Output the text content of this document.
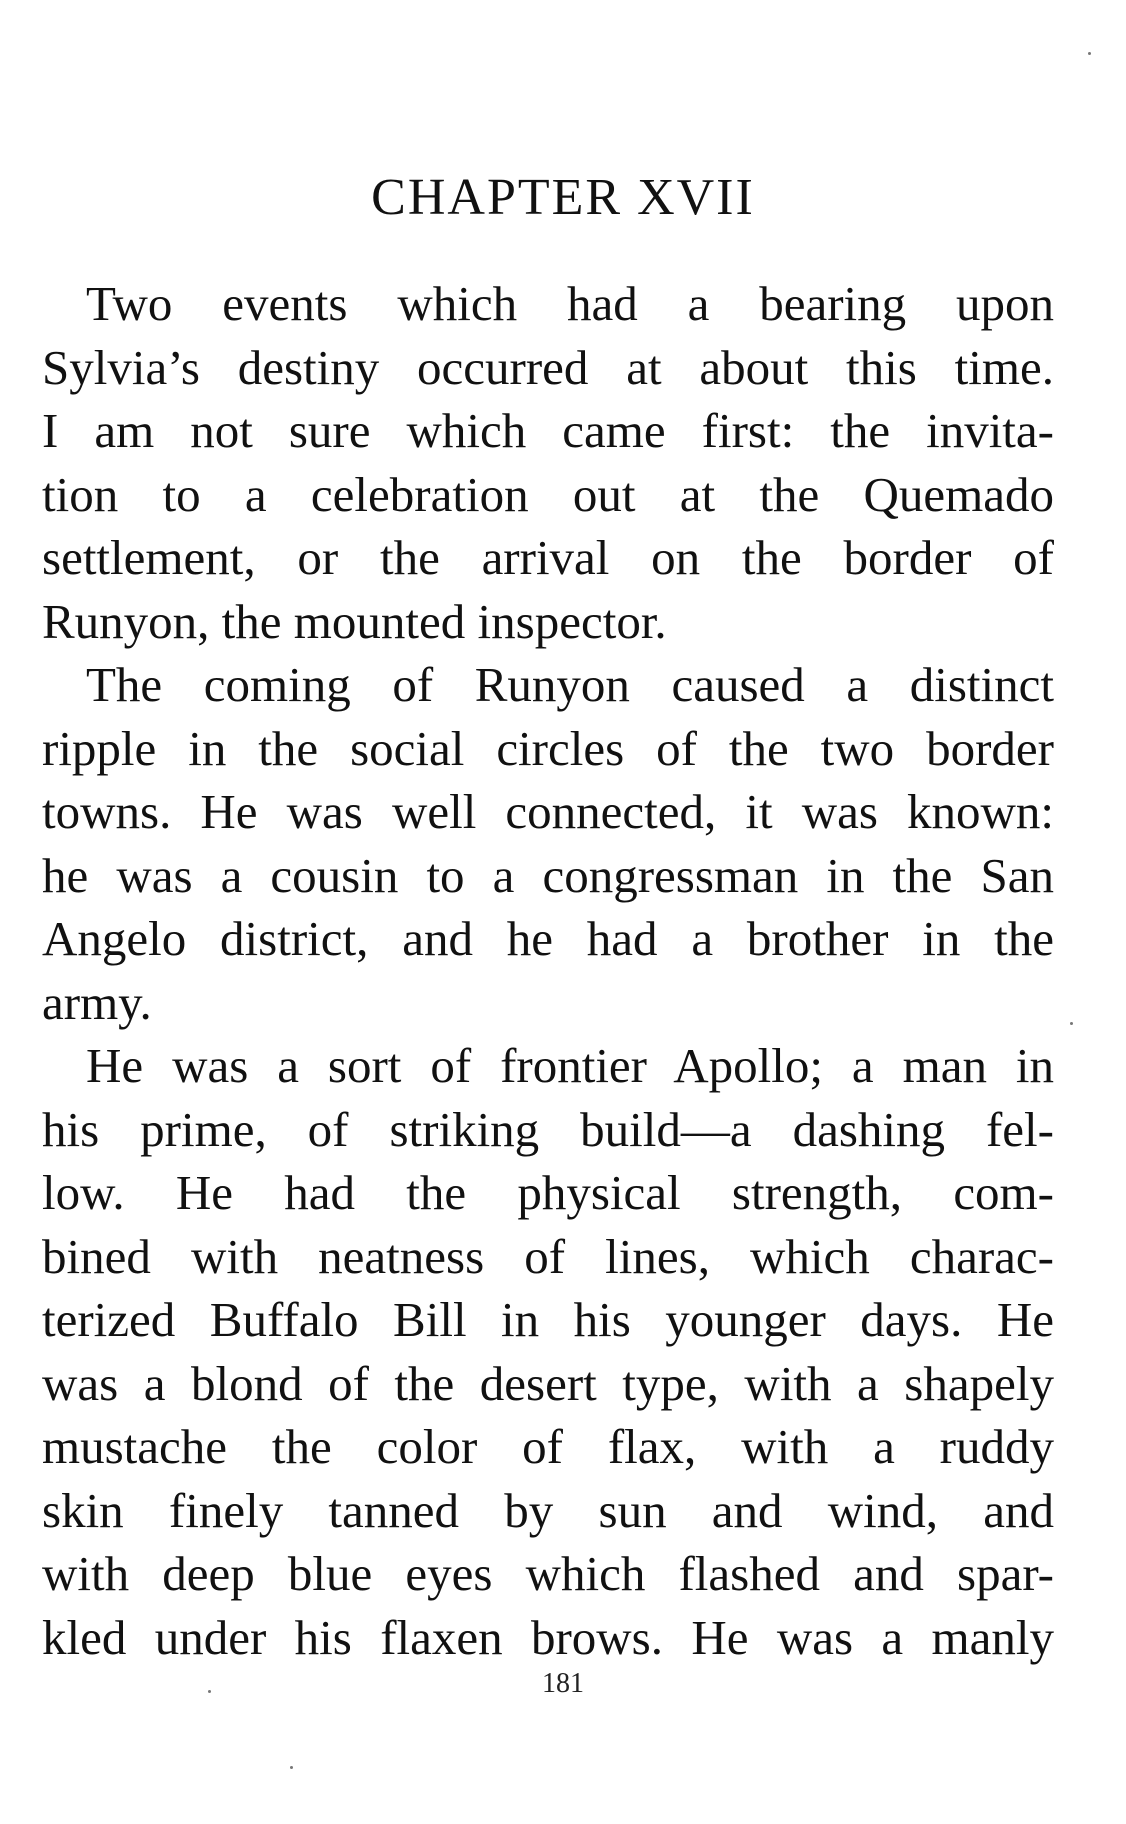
CHAPTER XVII
Two events which had a bearing upon
Sylvia’s destiny occurred at about this time.
I am not sure which came first: the invita-
tion to a celebration out at the Quemado
settlement, or the arrival on the border of
Runyon, the mounted inspector.
The coming of Runyon caused a distinct
ripple in the social circles of the two border
towns. He was well connected, it was known:
he was a cousin to a congressman in the San
Angelo district, and he had a brother in the
army.
He was a sort of frontier Apollo; a man in
his prime, of striking build—a dashing fel-
low. He had the physical strength, com-
bined with neatness of lines, which charac-
terized Buffalo Bill in his younger days. He
was a blond of the desert type, with a shapely
mustache the color of flax, with a ruddy
skin finely tanned by sun and wind, and
with deep blue eyes which flashed and spar-
kled under his flaxen brows. He was a manly
181
